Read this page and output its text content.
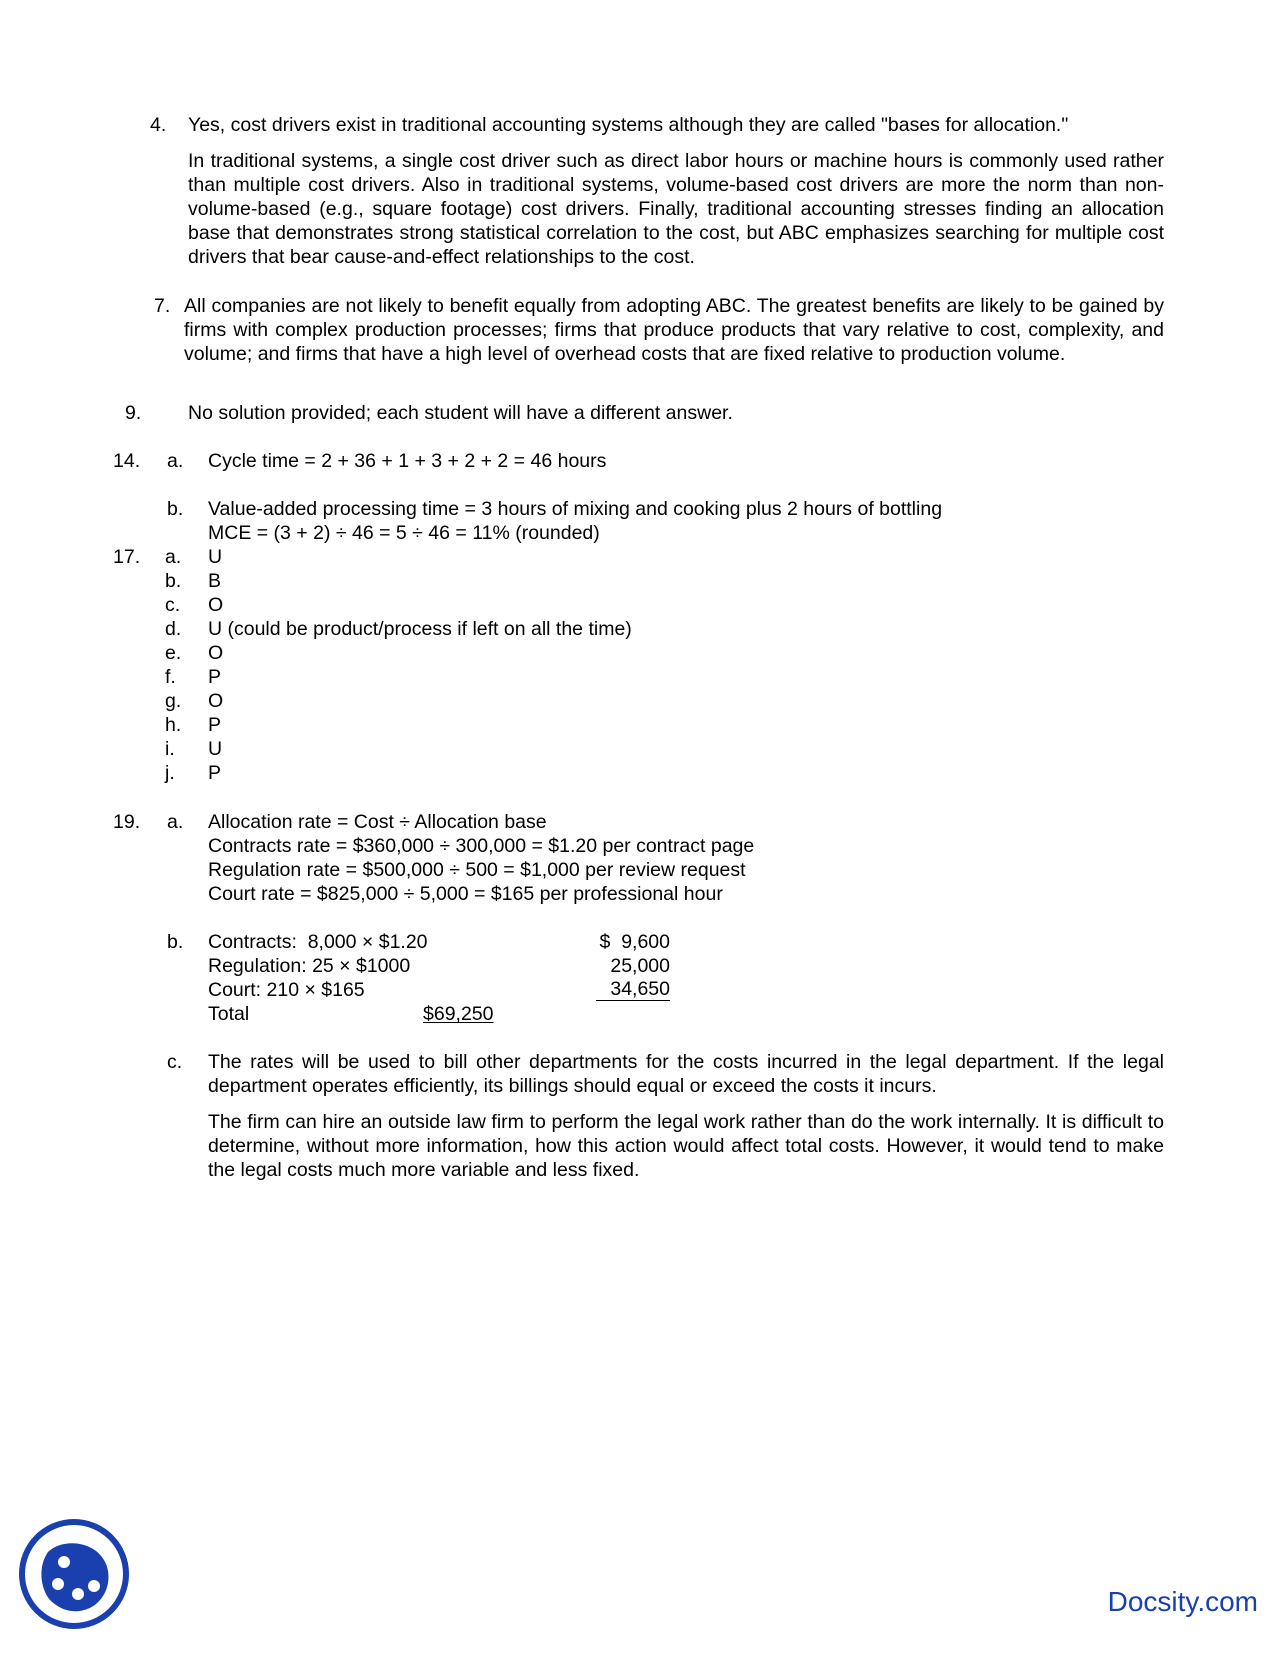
4. Yes, cost drivers exist in traditional accounting systems although they are called "bases for allocation."

In traditional systems, a single cost driver such as direct labor hours or machine hours is commonly used rather than multiple cost drivers. Also in traditional systems, volume-based cost drivers are more the norm than non-volume-based (e.g., square footage) cost drivers. Finally, traditional accounting stresses finding an allocation base that demonstrates strong statistical correlation to the cost, but ABC emphasizes searching for multiple cost drivers that bear cause-and-effect relationships to the cost.

7. All companies are not likely to benefit equally from adopting ABC. The greatest benefits are likely to be gained by firms with complex production processes; firms that produce products that vary relative to cost, complexity, and volume; and firms that have a high level of overhead costs that are fixed relative to production volume.

9. No solution provided; each student will have a different answer.

14. a. Cycle time = 2 + 36 + 1 + 3 + 2 + 2 = 46 hours
b. Value-added processing time = 3 hours of mixing and cooking plus 2 hours of bottling
MCE = (3 + 2) ÷ 46 = 5 ÷ 46 = 11% (rounded)
17. a. U
b. B
c. O
d. U (could be product/process if left on all the time)
e. O
f. P
g. O
h. P
i. U
j. P
19. a. Allocation rate = Cost ÷ Allocation base
Contracts rate = $360,000 ÷ 300,000 = $1.20 per contract page
Regulation rate = $500,000 ÷ 500 = $1,000 per review request
Court rate = $825,000 ÷ 5,000 = $165 per professional hour
b. Contracts:  8,000 × $1.20	$  9,600
Regulation: 25 × $1000	25,000
Court: 210 × $165	34,650
Total	$69,250
c. The rates will be used to bill other departments for the costs incurred in the legal department. If the legal department operates efficiently, its billings should equal or exceed the costs it incurs.

The firm can hire an outside law firm to perform the legal work rather than do the work internally. It is difficult to determine, without more information, how this action would affect total costs. However, it would tend to make the legal costs much more variable and less fixed.

Docsity.com
